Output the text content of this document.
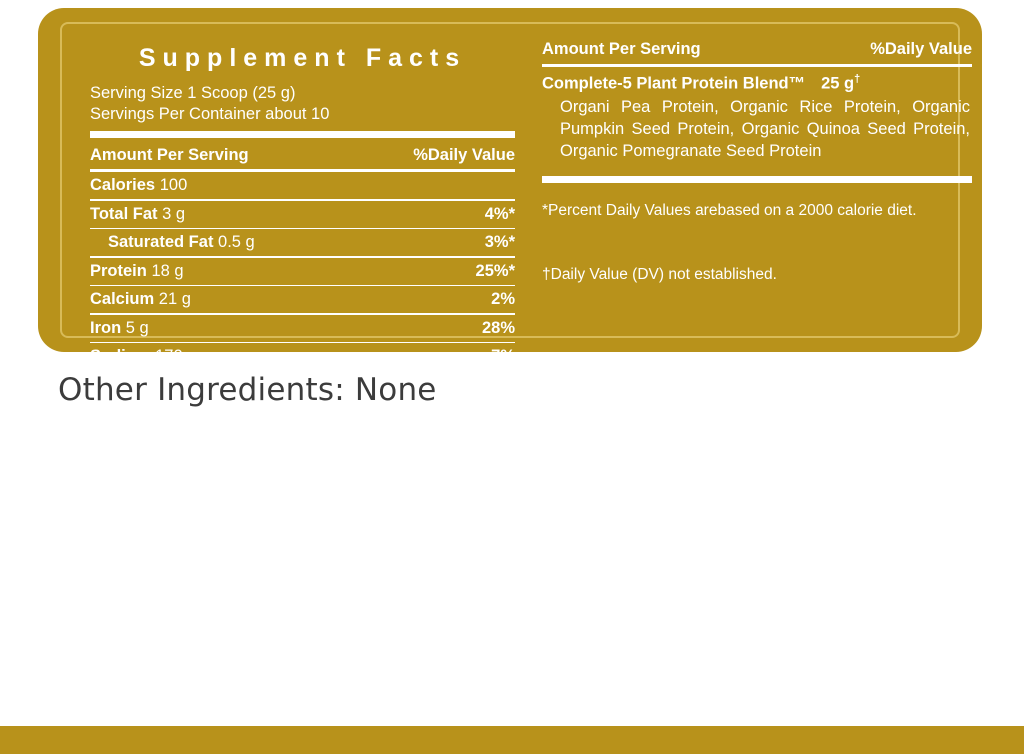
Supplement Facts
Serving Size 1 Scoop (25 g)
Servings Per Container about 10
Amount Per Serving	%Daily Value
Calories 100
Total Fat 3 g	4%*
Saturated Fat 0.5 g	3%*
Protein 18 g	25%*
Calcium 21 g	2%
Iron 5 g	28%
Sodium 170 mg	7%
Amount Per Serving	%Daily Value
Complete-5 Plant Protein Blend™ 25 g†
Organi Pea Protein, Organic Rice Protein, Organic Pumpkin Seed Protein, Organic Quinoa Seed Protein, Organic Pomegranate Seed Protein
*Percent Daily Values arebased on a 2000 calorie diet.
†Daily Value (DV) not established.
Other Ingredients: None
